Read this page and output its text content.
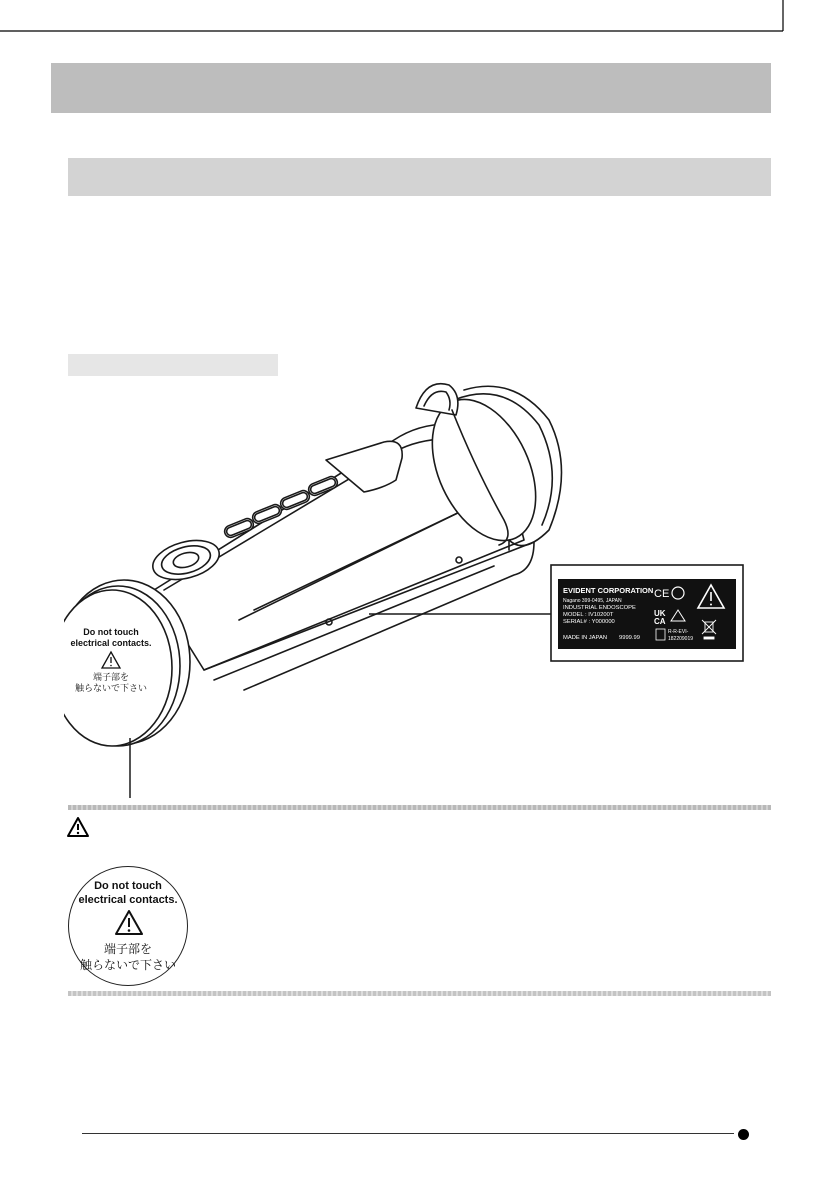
Do not touch
electrical contacts.
端子部を
触らないで下さい
EVIDENT CORPORATION
Nagano 399-0495, JAPAN
INDUSTRIAL ENDOSCOPE
MODEL : IV10200T
SERIAL# : Y000000
MADE IN JAPAN 9999.99
CE
UK
CA
R-R-EVI-
182209019
Do not touch
electrical contacts.
端子部を
触らないで下さい
